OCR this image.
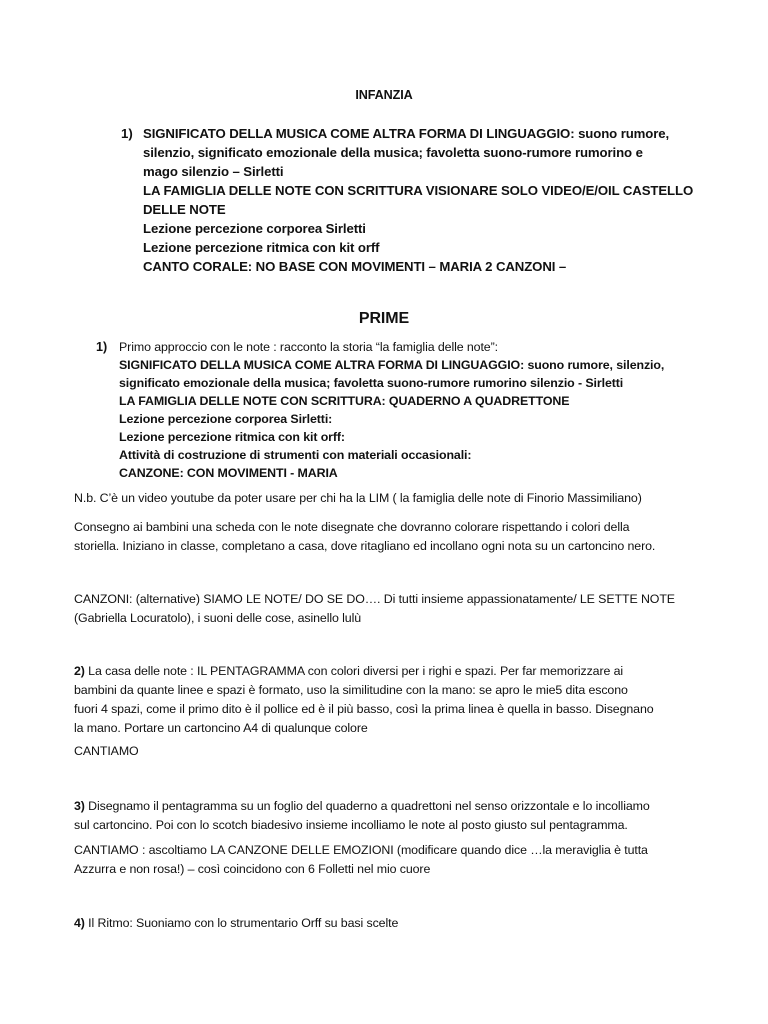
INFANZIA
1) SIGNIFICATO DELLA MUSICA COME ALTRA FORMA DI LINGUAGGIO: suono rumore,
silenzio, significato emozionale della musica; favoletta suono-rumore rumorino e
mago silenzio – Sirletti
LA FAMIGLIA DELLE NOTE CON SCRITTURA VISIONARE SOLO VIDEO/E/OIL CASTELLO
DELLE NOTE
Lezione percezione corporea Sirletti
Lezione percezione ritmica con kit orff
CANTO CORALE: NO BASE CON MOVIMENTI – MARIA 2 CANZONI –
PRIME
1) Primo approccio con le note : racconto la storia “la famiglia delle note”:
SIGNIFICATO DELLA MUSICA COME ALTRA FORMA DI LINGUAGGIO: suono rumore, silenzio,
significato emozionale della musica; favoletta suono-rumore rumorino silenzio - Sirletti
LA FAMIGLIA DELLE NOTE CON SCRITTURA: QUADERNO A QUADRETTONE
Lezione percezione corporea Sirletti:
Lezione percezione ritmica con kit orff:
Attività di costruzione di strumenti con materiali occasionali:
CANZONE: CON MOVIMENTI - MARIA
N.b. C’è un video youtube da poter usare per chi ha la LIM ( la famiglia delle note di Finorio Massimiliano)
Consegno ai bambini una scheda con le note disegnate che dovranno colorare rispettando i colori della
storiella. Iniziano in classe, completano a casa, dove ritagliano ed incollano ogni nota su un cartoncino nero.
CANZONI: (alternative) SIAMO LE NOTE/ DO SE DO…. Di tutti insieme appassionatamente/ LE SETTE NOTE
(Gabriella Locuratolo), i suoni delle cose, asinello lulù
2) La casa delle note : IL PENTAGRAMMA con colori diversi per i righi e spazi. Per far memorizzare ai
bambini da quante linee e spazi è formato, uso la similitudine con la mano: se apro le mie5 dita escono
fuori 4 spazi, come il primo dito è il pollice ed è il più basso, così la prima linea è quella in basso. Disegnano
la mano. Portare un cartoncino A4 di qualunque colore
CANTIAMO
3) Disegnamo il pentagramma su un foglio del quaderno a quadrettoni nel senso orizzontale e lo incolliamo
sul cartoncino. Poi con lo scotch biadesivo insieme incolliamo le note al posto giusto sul pentagramma.
CANTIAMO : ascoltiamo LA CANZONE DELLE EMOZIONI (modificare quando dice …la meraviglia è tutta
Azzurra e non rosa!) – così coincidono con 6 Folletti nel mio cuore
4) Il Ritmo: Suoniamo con lo strumentario Orff su basi scelte
